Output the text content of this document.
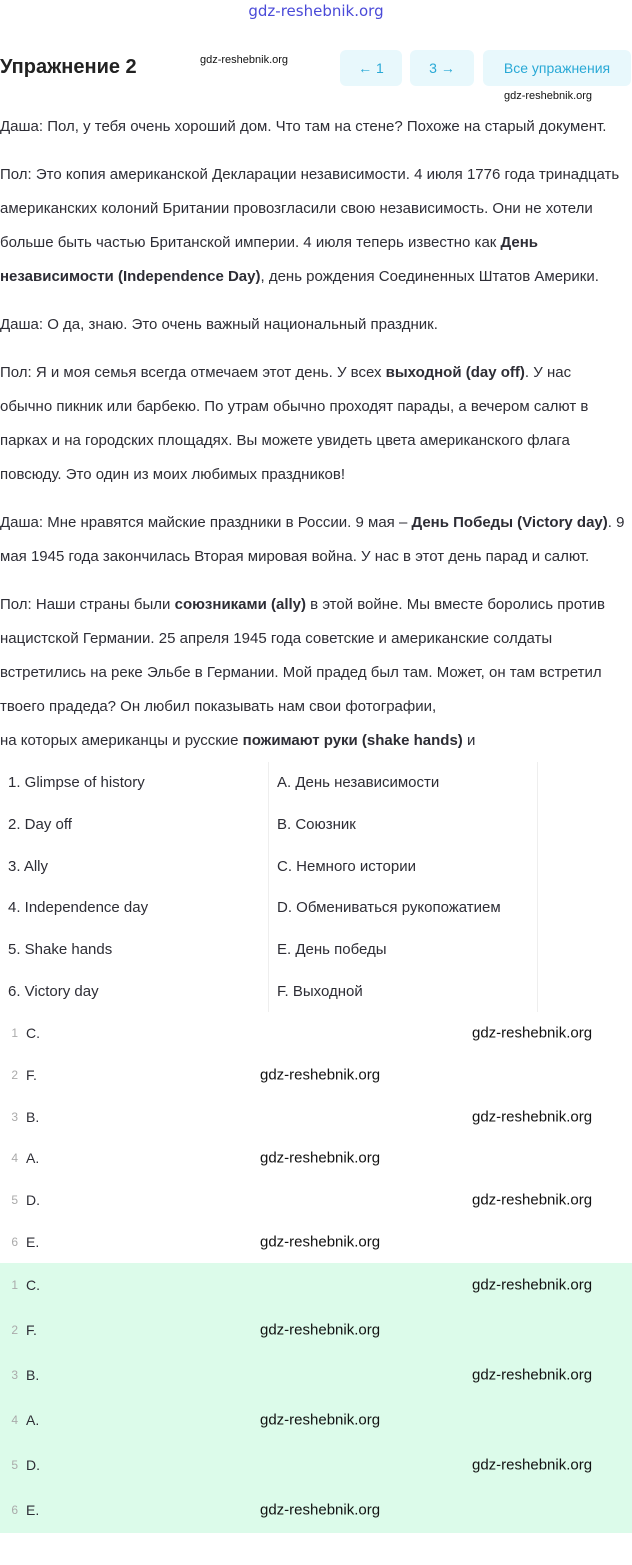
gdz-reshebnik.org
Упражнение 2	gdz-reshebnik.org	← 1	3 →	Все упражнения
gdz-reshebnik.org

Даша: Пол, у тебя очень хороший дом. Что там на стене? Похоже на старый документ.

Пол: Это копия американской Декларации независимости. 4 июля 1776 года тринадцать американских колоний Британии провозгласили свою независимость. Они не хотели больше быть частью Британской империи. 4 июля теперь известно как День независимости (Independence Day), день рождения Соединенных Штатов Америки.

Даша: О да, знаю. Это очень важный национальный праздник.

Пол: Я и моя семья всегда отмечаем этот день. У всех выходной (day off). У нас обычно пикник или барбекю. По утрам обычно проходят парады, а вечером салют в парках и на городских площадях. Вы можете увидеть цвета американского флага повсюду. Это один из моих любимых праздников!

Даша: Мне нравятся майские праздники в России. 9 мая – День Победы (Victory day). 9 мая 1945 года закончилась Вторая мировая война. У нас в этот день парад и салют.

Пол: Наши страны были союзниками (ally) в этой войне. Мы вместе боролись против нацистской Германии. 25 апреля 1945 года советские и американские солдаты встретились на реке Эльбе в Германии. Мой прадед был там. Может, он там встретил твоего прадеда? Он любил показывать нам свои фотографии,

на которых американцы и русские пожимают руки (shake hands) и

1. Glimpse of history	A. День независимости
2. Day off	B. Союзник
3. Ally	C. Немного истории
4. Independence day	D. Обмениваться рукопожатием
5. Shake hands	E. День победы
6. Victory day	F. Выходной
1 C.	gdz-reshebnik.org
2 F.	gdz-reshebnik.org
3 B.	gdz-reshebnik.org
4 A.	gdz-reshebnik.org
5 D.	gdz-reshebnik.org
6 E.	gdz-reshebnik.org
1 C.	gdz-reshebnik.org
2 F.	gdz-reshebnik.org
3 B.	gdz-reshebnik.org
4 A.	gdz-reshebnik.org
5 D.	gdz-reshebnik.org
6 E.	gdz-reshebnik.org
